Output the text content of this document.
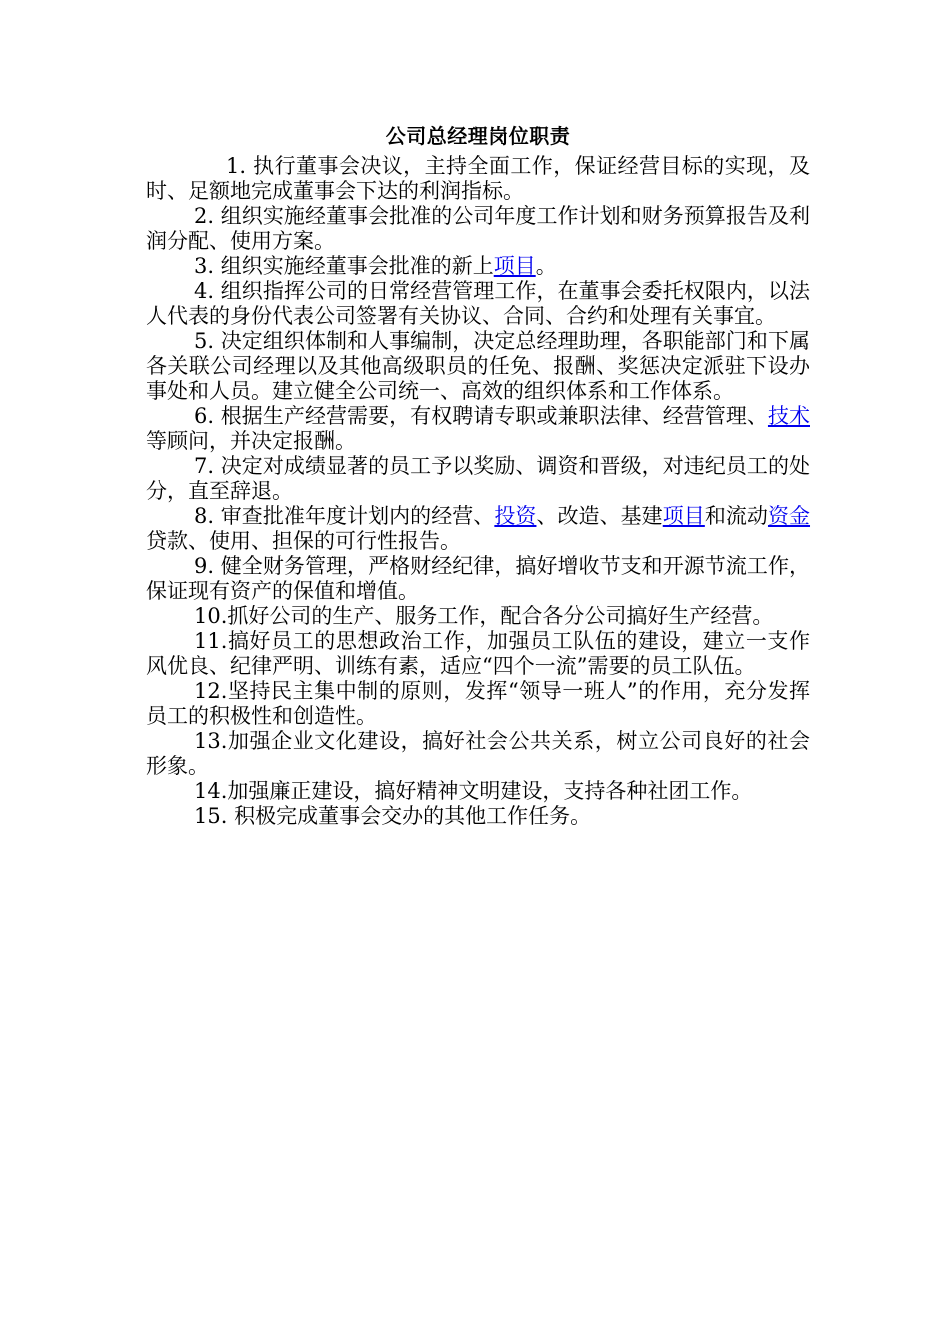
公司总经理岗位职责

1. 执行董事会决议，主持全面工作，保证经营目标的实现，及时、足额地完成董事会下达的利润指标。

2. 组织实施经董事会批准的公司年度工作计划和财务预算报告及利润分配、使用方案。

3. 组织实施经董事会批准的新上项目。

4. 组织指挥公司的日常经营管理工作，在董事会委托权限内，以法人代表的身份代表公司签署有关协议、合同、合约和处理有关事宜。

5. 决定组织体制和人事编制，决定总经理助理，各职能部门和下属各关联公司经理以及其他高级职员的任免、报酬、奖惩决定派驻下设办事处和人员。建立健全公司统一、高效的组织体系和工作体系。

6. 根据生产经营需要，有权聘请专职或兼职法律、经营管理、技术等顾问，并决定报酬。

7. 决定对成绩显著的员工予以奖励、调资和晋级，对违纪员工的处分，直至辞退。

8. 审查批准年度计划内的经营、投资、改造、基建项目和流动资金贷款、使用、担保的可行性报告。

9. 健全财务管理，严格财经纪律，搞好增收节支和开源节流工作，保证现有资产的保值和增值。

10.抓好公司的生产、服务工作，配合各分公司搞好生产经营。

11.搞好员工的思想政治工作，加强员工队伍的建设，建立一支作风优良、纪律严明、训练有素，适应“四个一流”需要的员工队伍。

12.坚持民主集中制的原则，发挥“领导一班人”的作用，充分发挥员工的积极性和创造性。

13.加强企业文化建设，搞好社会公共关系，树立公司良好的社会形象。

14.加强廉正建设，搞好精神文明建设，支持各种社团工作。

15. 积极完成董事会交办的其他工作任务。
